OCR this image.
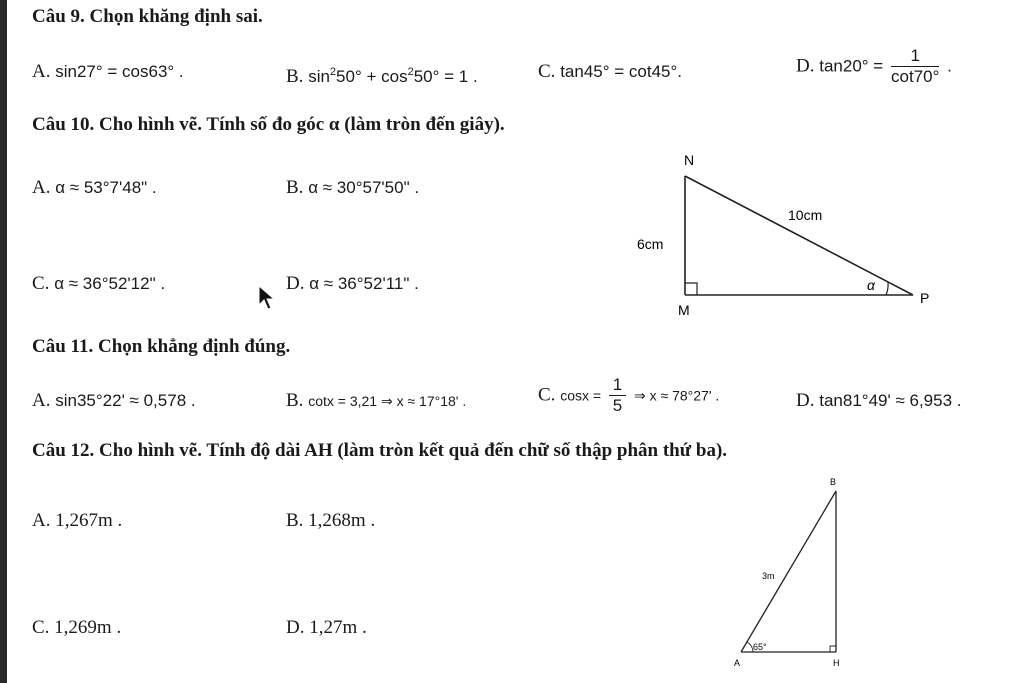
Câu 9. Chọn khăng định sai.
A. sin27° = cos63° .	B. $\sin^250^\circ + \cos^250^\circ = 1$ .	C. tan45° = cot45°.	D. $\tan 20^\circ = \frac{1}{\cot 70^\circ}$ .
Câu 10. Cho hình vẽ. Tính số đo góc α (làm tròn đến giây).
A. α ≈ 53°7'48" .	B. α ≈ 30°57'50" .
C. α ≈ 36°52'12" .	D. α ≈ 36°52'11" .
N
M
P
6cm
10cm
α
Câu 11. Chọn khẳng định đúng.
A. sin35°22' ≈ 0,578 .	B. cotx = 3,21 ⇒ x ≈ 17°18' .	C. $\cos x = \frac{1}{5}$ ⇒ x ≈ 78°27' .	D. tan81°49' ≈ 6,953 .
Câu 12. Cho hình vẽ. Tính độ dài AH (làm tròn kết quả đến chữ số thập phân thứ ba).
A. 1,267m .	B. 1,268m .
C. 1,269m .	D. 1,27m .
B
A	H
3m
65°
